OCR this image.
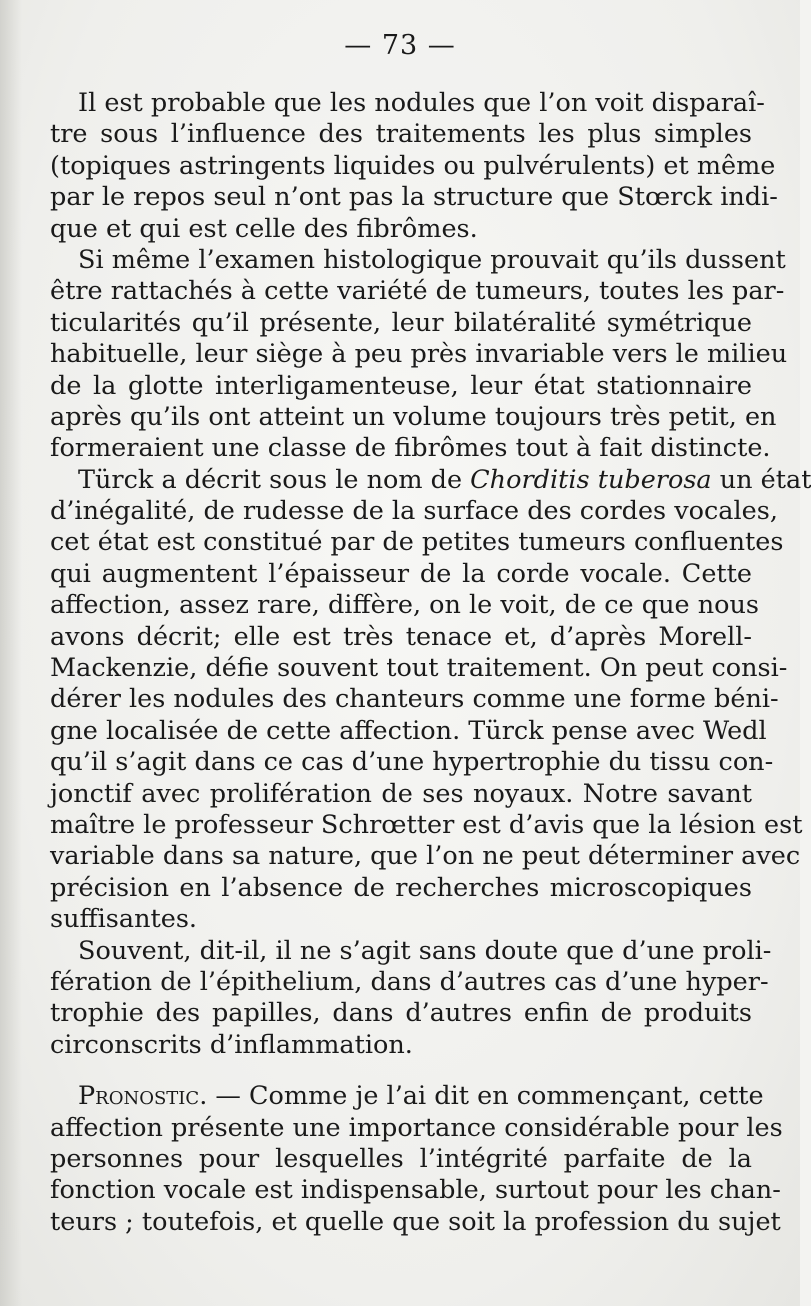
— 73 —
Il est probable que les nodules que l’on voit disparaî-
tre sous l’influence des traitements les plus simples
(topiques astringents liquides ou pulvérulents) et même
par le repos seul n’ont pas la structure que Stœrck indi-
que et qui est celle des fibrômes.
Si même l’examen histologique prouvait qu’ils dussent
être rattachés à cette variété de tumeurs, toutes les par-
ticularités qu’il présente, leur bilatéralité symétrique
habituelle, leur siège à peu près invariable vers le milieu
de la glotte interligamenteuse, leur état stationnaire
après qu’ils ont atteint un volume toujours très petit, en
formeraient une classe de fibrômes tout à fait distincte.
Türck a décrit sous le nom de Chorditis tuberosa un état
d’inégalité, de rudesse de la surface des cordes vocales,
cet état est constitué par de petites tumeurs confluentes
qui augmentent l’épaisseur de la corde vocale. Cette
affection, assez rare, diffère, on le voit, de ce que nous
avons décrit; elle est très tenace et, d’après Morell-
Mackenzie, défie souvent tout traitement. On peut consi-
dérer les nodules des chanteurs comme une forme béni-
gne localisée de cette affection. Türck pense avec Wedl
qu’il s’agit dans ce cas d’une hypertrophie du tissu con-
jonctif avec prolifération de ses noyaux. Notre savant
maître le professeur Schrœtter est d’avis que la lésion est
variable dans sa nature, que l’on ne peut déterminer avec
précision en l’absence de recherches microscopiques
suffisantes.
Souvent, dit-il, il ne s’agit sans doute que d’une proli-
fération de l’épithelium, dans d’autres cas d’une hyper-
trophie des papilles, dans d’autres enfin de produits
circonscrits d’inflammation.
Pronostic. — Comme je l’ai dit en commençant, cette
affection présente une importance considérable pour les
personnes pour lesquelles l’intégrité parfaite de la
fonction vocale est indispensable, surtout pour les chan-
teurs ; toutefois, et quelle que soit la profession du sujet
